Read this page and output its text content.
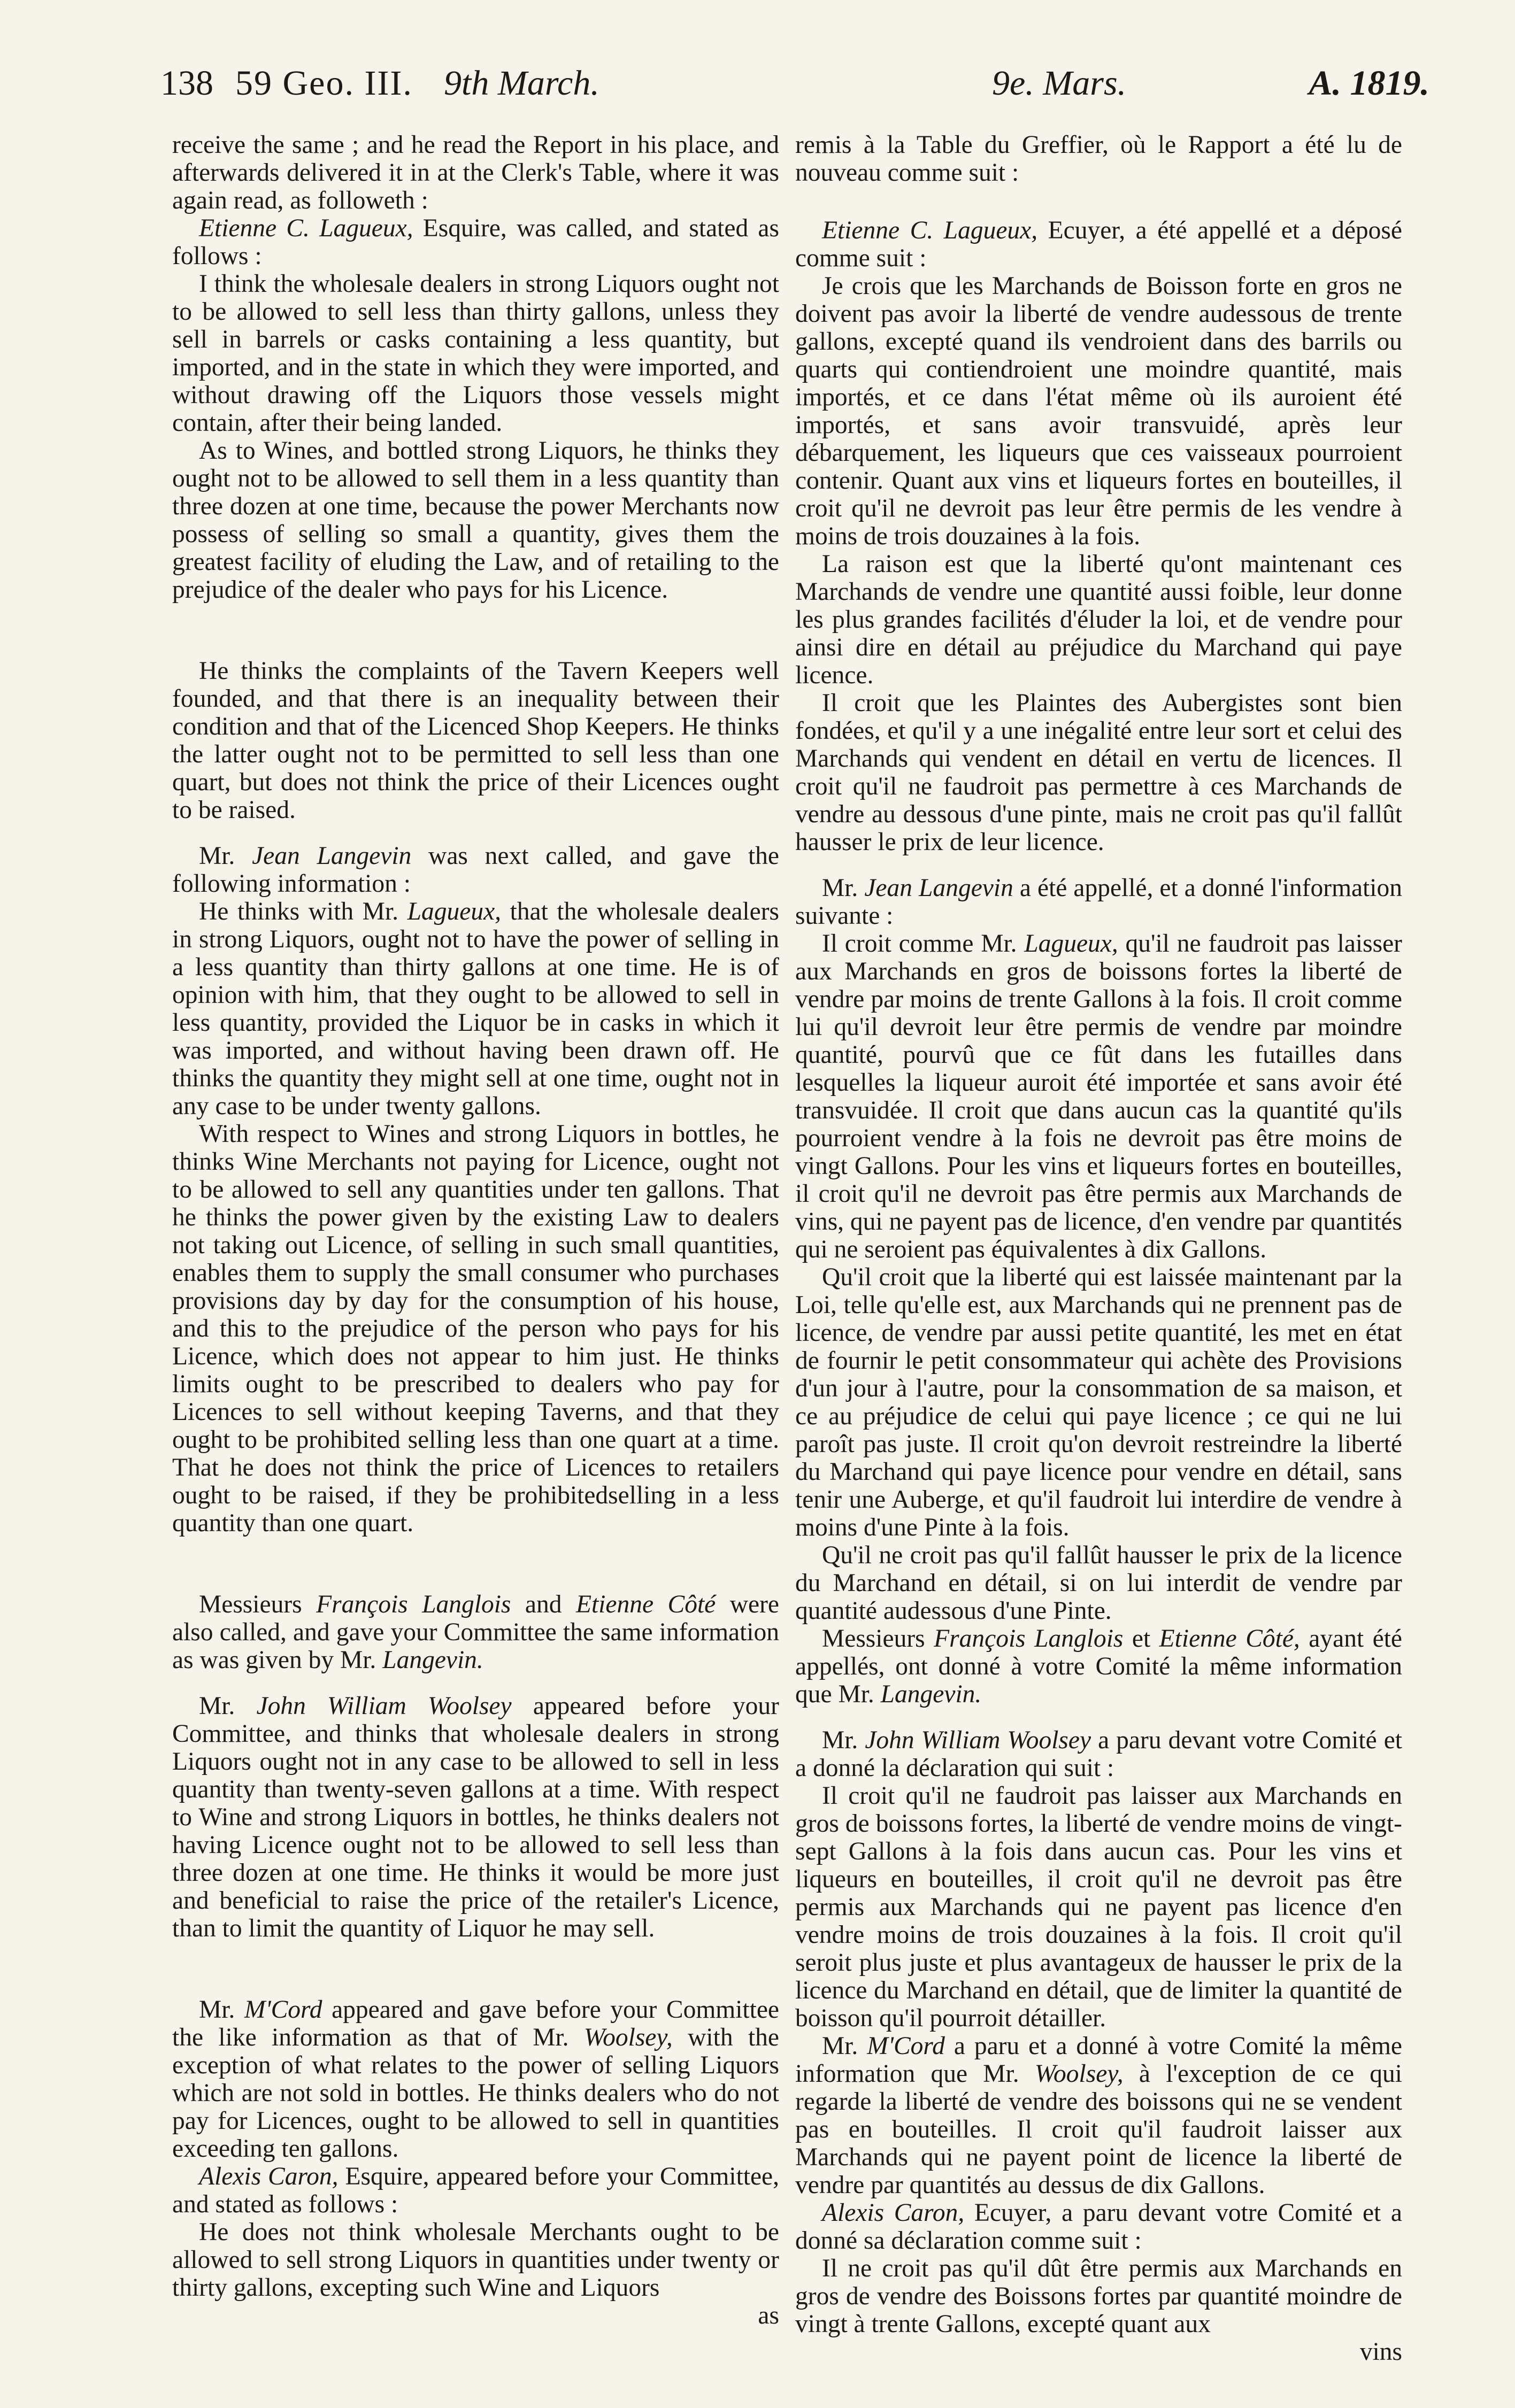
138 59 Geo. III. 9th March.	9e. Mars.	A. 1819.

receive the same ; and he read the Report in his place, and afterwards delivered it in at the Clerk's Table, where it was again read, as followeth :

Etienne C. Lagueux, Esquire, was called, and stated as follows :

I think the wholesale dealers in strong Liquors ought not to be allowed to sell less than thirty gallons, unless they sell in barrels or casks containing a less quantity, but imported, and in the state in which they were imported, and without drawing off the Liquors those vessels might contain, after their being landed.

As to Wines, and bottled strong Liquors, he thinks they ought not to be allowed to sell them in a less quantity than three dozen at one time, because the power Merchants now possess of selling so small a quantity, gives them the greatest facility of eluding the Law, and of retailing to the prejudice of the dealer who pays for his Licence.

He thinks the complaints of the Tavern Keepers well founded, and that there is an inequality between their condition and that of the Licenced Shop Keepers. He thinks the latter ought not to be permitted to sell less than one quart, but does not think the price of their Licences ought to be raised.

Mr. Jean Langevin was next called, and gave the following information :

He thinks with Mr. Lagueux, that the wholesale dealers in strong Liquors, ought not to have the power of selling in a less quantity than thirty gallons at one time. He is of opinion with him, that they ought to be allowed to sell in less quantity, provided the Liquor be in casks in which it was imported, and without having been drawn off. He thinks the quantity they might sell at one time, ought not in any case to be under twenty gallons.

With respect to Wines and strong Liquors in bottles, he thinks Wine Merchants not paying for Licence, ought not to be allowed to sell any quantities under ten gallons. That he thinks the power given by the existing Law to dealers not taking out Licence, of selling in such small quantities, enables them to supply the small consumer who purchases provisions day by day for the consumption of his house, and this to the prejudice of the person who pays for his Licence, which does not appear to him just. He thinks limits ought to be prescribed to dealers who pay for Licences to sell without keeping Taverns, and that they ought to be prohibited selling less than one quart at a time. That he does not think the price of Licences to retailers ought to be raised, if they be prohibitedselling in a less quantity than one quart.

Messieurs François Langlois and Etienne Côté were also called, and gave your Committee the same information as was given by Mr. Langevin.

Mr. John William Woolsey appeared before your Committee, and thinks that wholesale dealers in strong Liquors ought not in any case to be allowed to sell in less quantity than twenty-seven gallons at a time. With respect to Wine and strong Liquors in bottles, he thinks dealers not having Licence ought not to be allowed to sell less than three dozen at one time. He thinks it would be more just and beneficial to raise the price of the retailer's Licence, than to limit the quantity of Liquor he may sell.

Mr. M'Cord appeared and gave before your Committee the like information as that of Mr. Woolsey, with the exception of what relates to the power of selling Liquors which are not sold in bottles. He thinks dealers who do not pay for Licences, ought to be allowed to sell in quantities exceeding ten gallons.

Alexis Caron, Esquire, appeared before your Committee, and stated as follows :

He does not think wholesale Merchants ought to be allowed to sell strong Liquors in quantities under twenty or thirty gallons, excepting such Wine and Liquors

as

remis à la Table du Greffier, où le Rapport a été lu de nouveau comme suit :

Etienne C. Lagueux, Ecuyer, a été appellé et a déposé comme suit :

Je crois que les Marchands de Boisson forte en gros ne doivent pas avoir la liberté de vendre audessous de trente gallons, excepté quand ils vendroient dans des barrils ou quarts qui contiendroient une moindre quantité, mais importés, et ce dans l'état même où ils auroient été importés, et sans avoir transvuidé, après leur débarquement, les liqueurs que ces vaisseaux pourroient contenir. Quant aux vins et liqueurs fortes en bouteilles, il croit qu'il ne devroit pas leur être permis de les vendre à moins de trois douzaines à la fois.

La raison est que la liberté qu'ont maintenant ces Marchands de vendre une quantité aussi foible, leur donne les plus grandes facilités d'éluder la loi, et de vendre pour ainsi dire en détail au préjudice du Marchand qui paye licence.

Il croit que les Plaintes des Aubergistes sont bien fondées, et qu'il y a une inégalité entre leur sort et celui des Marchands qui vendent en détail en vertu de licences. Il croit qu'il ne faudroit pas permettre à ces Marchands de vendre au dessous d'une pinte, mais ne croit pas qu'il fallût hausser le prix de leur licence.

Mr. Jean Langevin a été appellé, et a donné l'information suivante :

Il croit comme Mr. Lagueux, qu'il ne faudroit pas laisser aux Marchands en gros de boissons fortes la liberté de vendre par moins de trente Gallons à la fois. Il croit comme lui qu'il devroit leur être permis de vendre par moindre quantité, pourvû que ce fût dans les futailles dans lesquelles la liqueur auroit été importée et sans avoir été transvuidée. Il croit que dans aucun cas la quantité qu'ils pourroient vendre à la fois ne devroit pas être moins de vingt Gallons. Pour les vins et liqueurs fortes en bouteilles, il croit qu'il ne devroit pas être permis aux Marchands de vins, qui ne payent pas de licence, d'en vendre par quantités qui ne seroient pas équivalentes à dix Gallons.

Qu'il croit que la liberté qui est laissée maintenant par la Loi, telle qu'elle est, aux Marchands qui ne prennent pas de licence, de vendre par aussi petite quantité, les met en état de fournir le petit consommateur qui achète des Provisions d'un jour à l'autre, pour la consommation de sa maison, et ce au préjudice de celui qui paye licence ; ce qui ne lui paroît pas juste. Il croit qu'on devroit restreindre la liberté du Marchand qui paye licence pour vendre en détail, sans tenir une Auberge, et qu'il faudroit lui interdire de vendre à moins d'une Pinte à la fois.

Qu'il ne croit pas qu'il fallût hausser le prix de la licence du Marchand en détail, si on lui interdit de vendre par quantité audessous d'une Pinte.

Messieurs François Langlois et Etienne Côté, ayant été appellés, ont donné à votre Comité la même information que Mr. Langevin.

Mr. John William Woolsey a paru devant votre Comité et a donné la déclaration qui suit :

Il croit qu'il ne faudroit pas laisser aux Marchands en gros de boissons fortes, la liberté de vendre moins de vingt-sept Gallons à la fois dans aucun cas. Pour les vins et liqueurs en bouteilles, il croit qu'il ne devroit pas être permis aux Marchands qui ne payent pas licence d'en vendre moins de trois douzaines à la fois. Il croit qu'il seroit plus juste et plus avantageux de hausser le prix de la licence du Marchand en détail, que de limiter la quantité de boisson qu'il pourroit détailler.

Mr. M'Cord a paru et a donné à votre Comité la même information que Mr. Woolsey, à l'exception de ce qui regarde la liberté de vendre des boissons qui ne se vendent pas en bouteilles. Il croit qu'il faudroit laisser aux Marchands qui ne payent point de licence la liberté de vendre par quantités au dessus de dix Gallons.

Alexis Caron, Ecuyer, a paru devant votre Comité et a donné sa déclaration comme suit :

Il ne croit pas qu'il dût être permis aux Marchands en gros de vendre des Boissons fortes par quantité moindre de vingt à trente Gallons, excepté quant aux

vins
